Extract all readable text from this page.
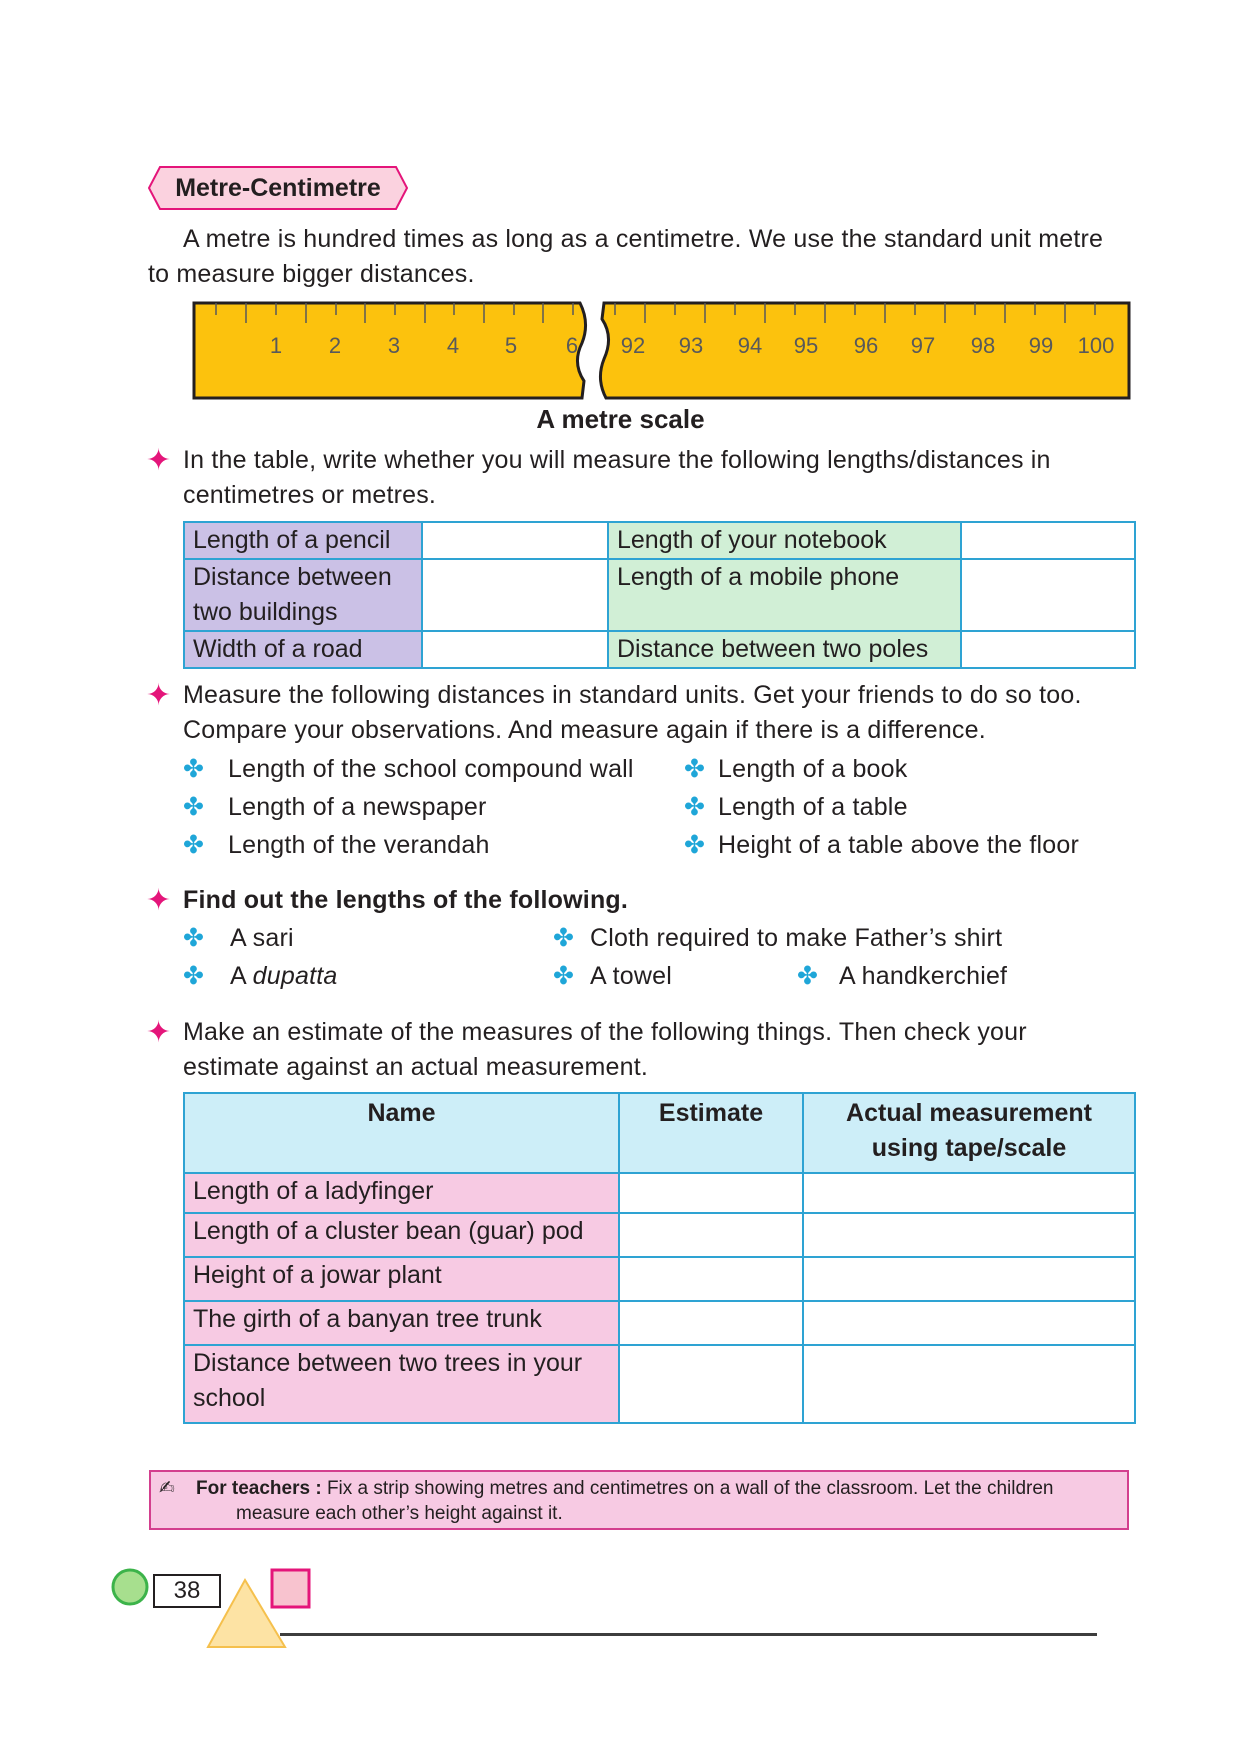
Metre-Centimetre
A metre is hundred times as long as a centimetre. We use the standard unit metre
to measure bigger distances.
1 2 3 4 5 6 92 93 94 95 96 97 98 99 100
A metre scale
✦ In the table, write whether you will measure the following lengths/distances in
centimetres or metres.
Length of a pencil		Length of your notebook	
Distance between
two buildings		Length of a mobile phone	
Width of a road		Distance between two poles	
✦ Measure the following distances in standard units. Get your friends to do so too.
Compare your observations. And measure again if there is a difference.
✤ Length of the school compound wall
✤ Length of a newspaper
✤ Length of the verandah
✤ Length of a book
✤ Length of a table
✤ Height of a table above the floor
✦ Find out the lengths of the following.
✤ A sari	✤ Cloth required to make Father’s shirt
✤ A dupatta	✤ A towel	✤ A handkerchief
✦ Make an estimate of the measures of the following things. Then check your
estimate against an actual measurement.
Name	Estimate	Actual measurement
using tape/scale
Length of a ladyfinger		
Length of a cluster bean (guar) pod		
Height of a jowar plant		
The girth of a banyan tree trunk		
Distance between two trees in your
school		
✍ For teachers : Fix a strip showing metres and centimetres on a wall of the classroom. Let the children
measure each other’s height against it.
38
